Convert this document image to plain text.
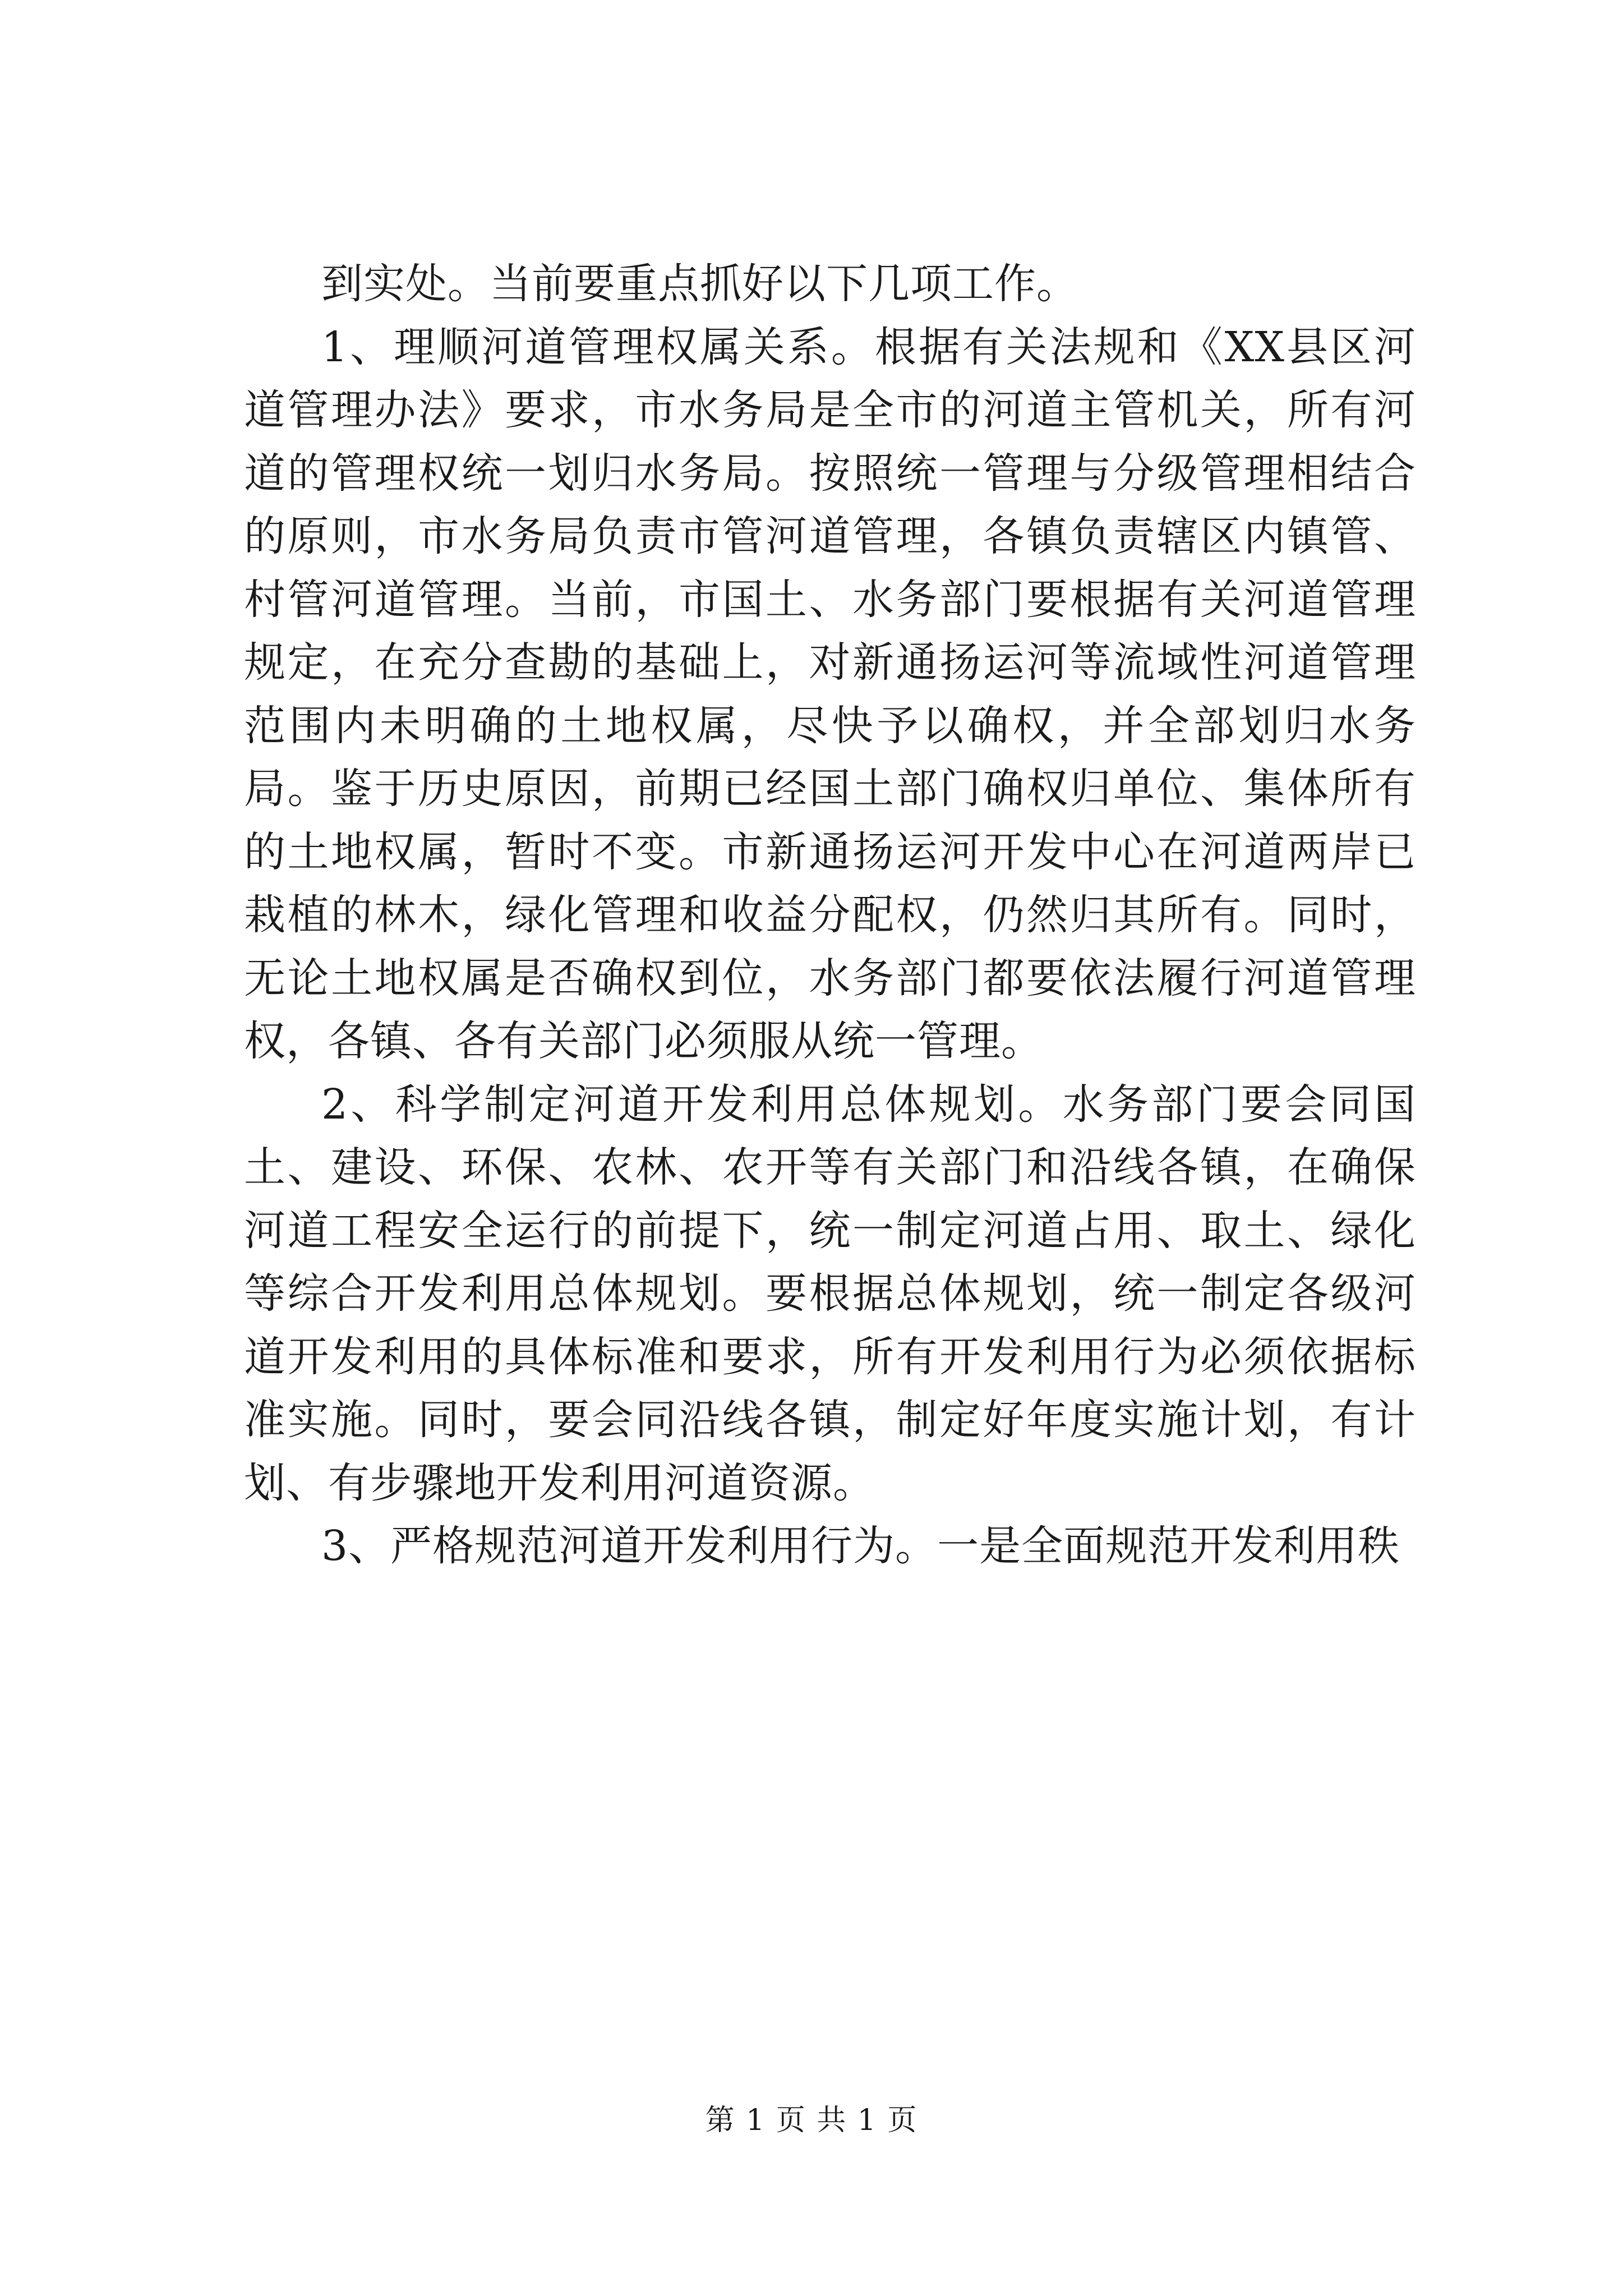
到实处。当前要重点抓好以下几项工作。

1、理顺河道管理权属关系。根据有关法规和《XX县区河道管理办法》要求，市水务局是全市的河道主管机关，所有河道的管理权统一划归水务局。按照统一管理与分级管理相结合的原则，市水务局负责市管河道管理，各镇负责辖区内镇管、村管河道管理。当前，市国土、水务部门要根据有关河道管理规定，在充分查勘的基础上，对新通扬运河等流域性河道管理范围内未明确的土地权属，尽快予以确权，并全部划归水务局。鉴于历史原因，前期已经国土部门确权归单位、集体所有的土地权属，暂时不变。市新通扬运河开发中心在河道两岸已栽植的林木，绿化管理和收益分配权，仍然归其所有。同时，无论土地权属是否确权到位，水务部门都要依法履行河道管理权，各镇、各有关部门必须服从统一管理。

2、科学制定河道开发利用总体规划。水务部门要会同国土、建设、环保、农林、农开等有关部门和沿线各镇，在确保河道工程安全运行的前提下，统一制定河道占用、取土、绿化等综合开发利用总体规划。要根据总体规划，统一制定各级河道开发利用的具体标准和要求，所有开发利用行为必须依据标准实施。同时，要会同沿线各镇，制定好年度实施计划，有计划、有步骤地开发利用河道资源。

3、严格规范河道开发利用行为。一是全面规范开发利用秩

第 1 页 共 1 页
